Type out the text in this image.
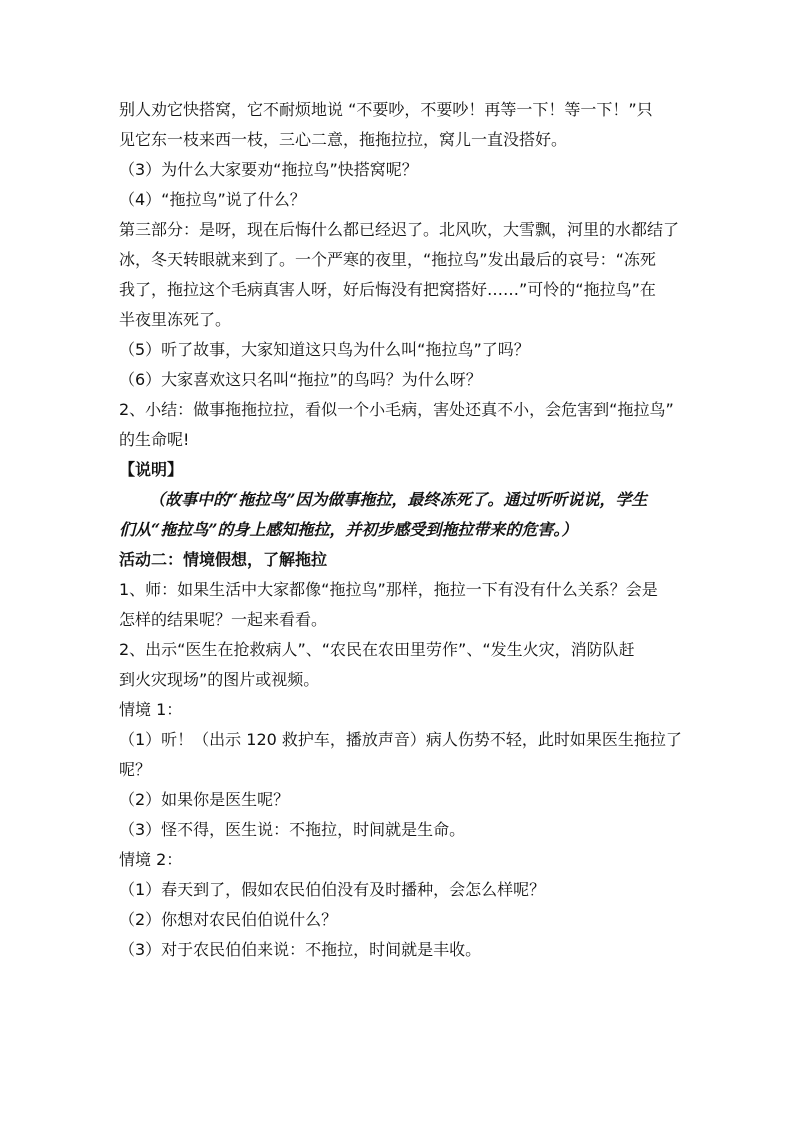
别人劝它快搭窝，它不耐烦地说 “不要吵，不要吵！再等一下！等一下！”只

见它东一枝来西一枝，三心二意，拖拖拉拉，窝儿一直没搭好。

（3）为什么大家要劝“拖拉鸟”快搭窝呢？

（4）“拖拉鸟”说了什么？

第三部分：是呀，现在后悔什么都已经迟了。北风吹，大雪飘，河里的水都结了

冰，冬天转眼就来到了。一个严寒的夜里，“拖拉鸟”发出最后的哀号：“冻死

我了，拖拉这个毛病真害人呀，好后悔没有把窝搭好……”可怜的“拖拉鸟”在

半夜里冻死了。

（5）听了故事，大家知道这只鸟为什么叫“拖拉鸟”了吗？

（6）大家喜欢这只名叫“拖拉”的鸟吗？为什么呀？

2、小结：做事拖拖拉拉，看似一个小毛病，害处还真不小，会危害到“拖拉鸟”

的生命呢!

【说明】

（故事中的“拖拉鸟”因为做事拖拉，最终冻死了。通过听听说说，学生

们从“拖拉鸟”的身上感知拖拉，并初步感受到拖拉带来的危害。）

活动二：情境假想，了解拖拉

1、师：如果生活中大家都像“拖拉鸟”那样，拖拉一下有没有什么关系？会是

怎样的结果呢？一起来看看。

2、出示“医生在抢救病人”、“农民在农田里劳作”、“发生火灾，消防队赶

到火灾现场”的图片或视频。

情境 1：

（1）听！（出示 120 救护车，播放声音）病人伤势不轻，此时如果医生拖拉了

呢？

（2）如果你是医生呢？

（3）怪不得，医生说：不拖拉，时间就是生命。

情境 2：

（1）春天到了，假如农民伯伯没有及时播种，会怎么样呢？

（2）你想对农民伯伯说什么？

（3）对于农民伯伯来说：不拖拉，时间就是丰收。
